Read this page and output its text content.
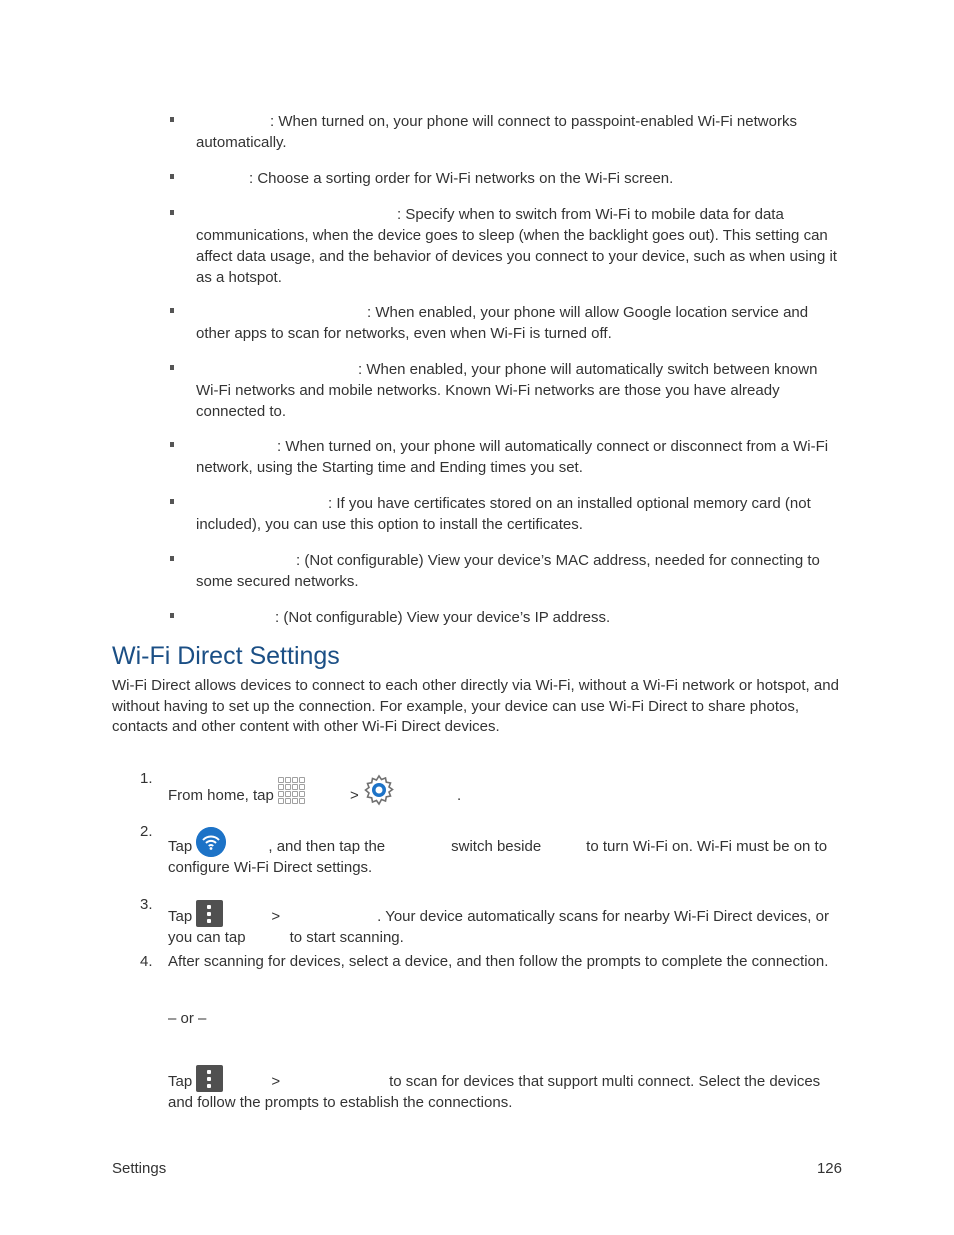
: When turned on, your phone will connect to passpoint-enabled Wi-Fi networks automatically.
: Choose a sorting order for Wi-Fi networks on the Wi-Fi screen.
: Specify when to switch from Wi-Fi to mobile data for data communications, when the device goes to sleep (when the backlight goes out). This setting can affect data usage, and the behavior of devices you connect to your device, such as when using it as a hotspot.
: When enabled, your phone will allow Google location service and other apps to scan for networks, even when Wi-Fi is turned off.
: When enabled, your phone will automatically switch between known Wi-Fi networks and mobile networks. Known Wi-Fi networks are those you have already connected to.
: When turned on, your phone will automatically connect or disconnect from a Wi-Fi network, using the Starting time and Ending times you set.
: If you have certificates stored on an installed optional memory card (not included), you can use this option to install the certificates.
: (Not configurable) View your device’s MAC address, needed for connecting to some secured networks.
: (Not configurable) View your device’s IP address.
Wi-Fi Direct Settings
Wi-Fi Direct allows devices to connect to each other directly via Wi-Fi, without a Wi-Fi network or hotspot, and without having to set up the connection. For example, your device can use Wi-Fi Direct to share photos, contacts and other content with other Wi-Fi Direct devices.
1.
From home, tap	>	.
2.
Tap	, and then tap the	switch beside	to turn Wi-Fi on. Wi-Fi must be on to configure Wi-Fi Direct settings.
3.
Tap	>	. Your device automatically scans for nearby Wi-Fi Direct devices, or you can tap	to start scanning.
4. After scanning for devices, select a device, and then follow the prompts to complete the connection.
– or –
Tap	>	to scan for devices that support multi connect. Select the devices and follow the prompts to establish the connections.
Settings	126
